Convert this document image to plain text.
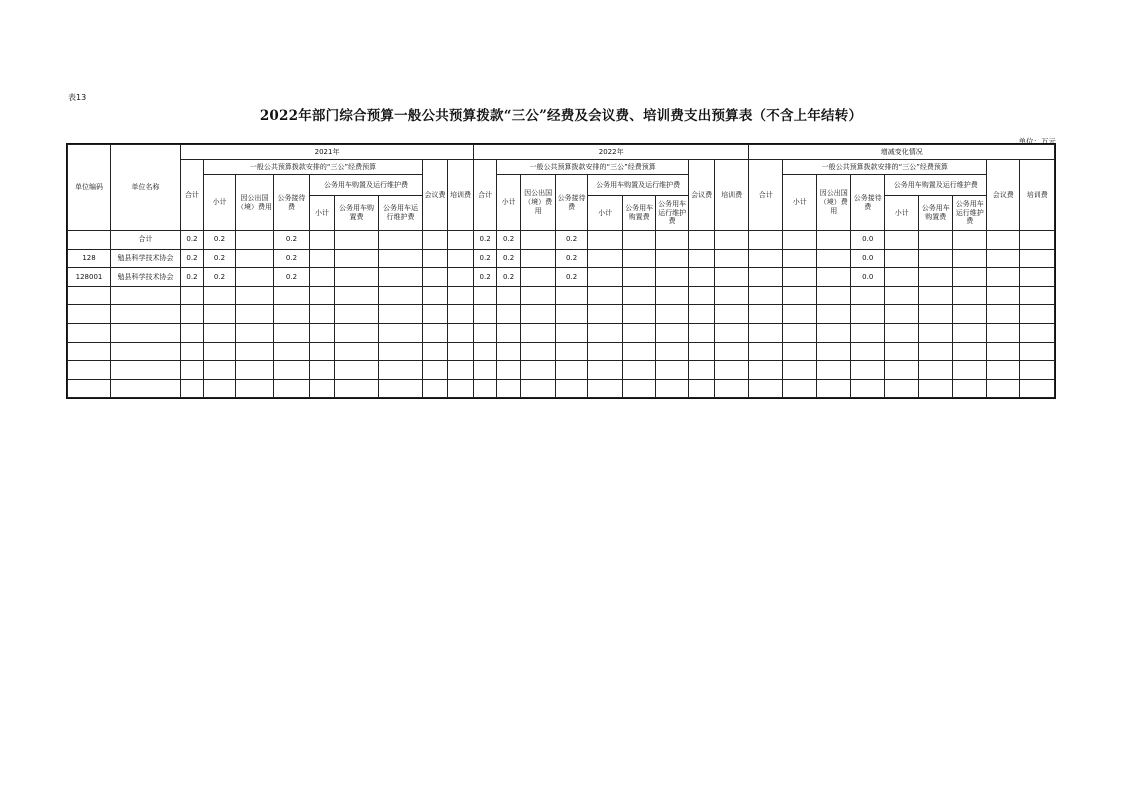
表13
2022年部门综合预算一般公共预算拨款“三公”经费及会议费、培训费支出预算表（不含上年结转）
单位：万元
单位编码	单位名称	2021年									2022年									增减变化情况								
		合计	一般公共预算拨款安排的“三公”经费预算						会议费	培训费	合计	一般公共预算拨款安排的“三公”经费预算						会议费	培训费	合计	一般公共预算拨款安排的“三公”经费预算						会议费	培训费
			小计	因公出国（境）费用	公务接待费	公务用车购置及运行维护费						小计	因公出国（境）费用	公务接待费	公务用车购置及运行维护费						小计	因公出国（境）费用	公务接待费	公务用车购置及运行维护费				
						小计	公务用车购置费	公务用车运行维护费							小计	公务用车购置费	公务用车运行维护费							小计	公务用车购置费	公务用车运行维护费		
	合计	0.2	0.2		0.2						0.2	0.2		0.2									0.0					
128	勉县科学技术协会	0.2	0.2		0.2						0.2	0.2		0.2									0.0					
128001	勉县科学技术协会	0.2	0.2		0.2						0.2	0.2		0.2									0.0					
